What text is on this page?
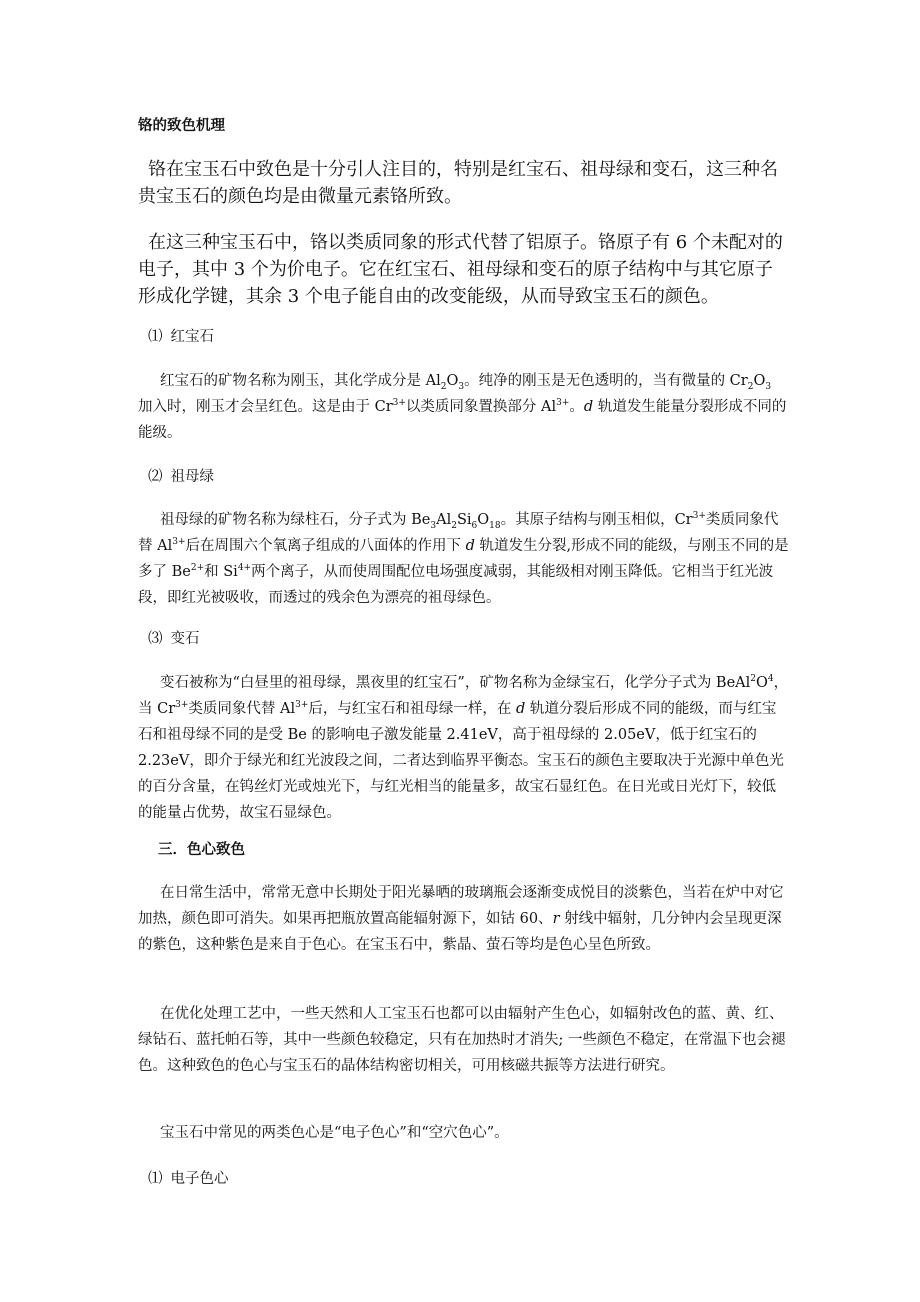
铬的致色机理

铬在宝玉石中致色是十分引人注目的，特别是红宝石、祖母绿和变石，这三种名贵宝玉石的颜色均是由微量元素铬所致。

在这三种宝玉石中，铬以类质同象的形式代替了铝原子。铬原子有 6 个未配对的电子，其中 3 个为价电子。它在红宝石、祖母绿和变石的原子结构中与其它原子形成化学键，其余 3 个电子能自由的改变能级，从而导致宝玉石的颜色。

⑴ 红宝石

红宝石的矿物名称为刚玉，其化学成分是 $Al_2O_3$。纯净的刚玉是无色透明的，当有微量的 $Cr_2O_3$ 加入时，刚玉才会呈红色。这是由于 $Cr^{3+}$以类质同象置换部分 $Al^{3+}$。d 轨道发生能量分裂形成不同的能级。

⑵ 祖母绿

祖母绿的矿物名称为绿柱石，分子式为 $Be_3Al_2Si_6O_{18}$。其原子结构与刚玉相似，$Cr^{3+}$类质同象代替 $Al^{3+}$后在周围六个氧离子组成的八面体的作用下 d 轨道发生分裂,形成不同的能级，与刚玉不同的是多了 $Be^{2+}$和 $Si^{4+}$两个离子，从而使周围配位电场强度减弱，其能级相对刚玉降低。它相当于红光波段，即红光被吸收，而透过的残余色为漂亮的祖母绿色。

⑶ 变石

变石被称为“白昼里的祖母绿，黑夜里的红宝石”，矿物名称为金绿宝石，化学分子式为 $BeAl^2O^4$，当 $Cr^{3+}$类质同象代替 $Al^{3+}$后，与红宝石和祖母绿一样，在 d 轨道分裂后形成不同的能级，而与红宝石和祖母绿不同的是受 Be 的影响电子激发能量 2.41eV，高于祖母绿的 2.05eV，低于红宝石的 2.23eV，即介于绿光和红光波段之间，二者达到临界平衡态。宝玉石的颜色主要取决于光源中单色光的百分含量，在钨丝灯光或烛光下，与红光相当的能量多，故宝石显红色。在日光或日光灯下，较低的能量占优势，故宝石显绿色。

三．色心致色

在日常生活中，常常无意中长期处于阳光暴晒的玻璃瓶会逐渐变成悦目的淡紫色，当若在炉中对它加热，颜色即可消失。如果再把瓶放置高能辐射源下，如钴 60、r 射线中辐射，几分钟内会呈现更深的紫色，这种紫色是来自于色心。在宝玉石中，紫晶、萤石等均是色心呈色所致。

在优化处理工艺中，一些天然和人工宝玉石也都可以由辐射产生色心，如辐射改色的蓝、黄、红、绿钻石、蓝托帕石等，其中一些颜色较稳定，只有在加热时才消失; 一些颜色不稳定，在常温下也会褪色。这种致色的色心与宝玉石的晶体结构密切相关，可用核磁共振等方法进行研究。

宝玉石中常见的两类色心是“电子色心”和“空穴色心”。

⑴ 电子色心
